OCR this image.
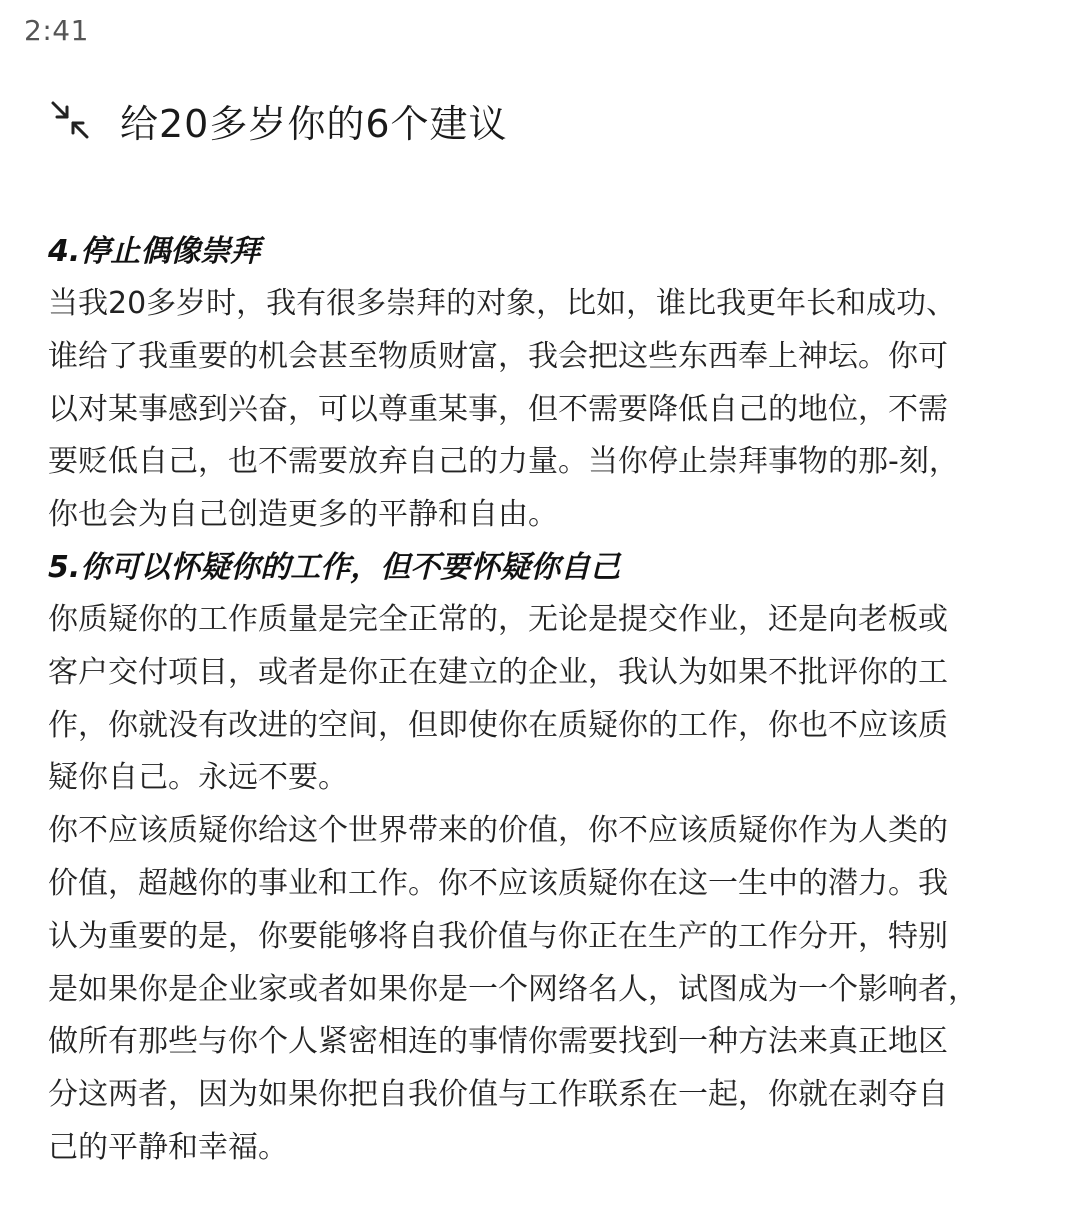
2:41
给20多岁你的6个建议
4.停止偶像崇拜

当我20多岁时，我有很多崇拜的对象，比如，谁比我更年长和成功、
谁给了我重要的机会甚至物质财富，我会把这些东西奉上神坛。你可
以对某事感到兴奋，可以尊重某事，但不需要降低自己的地位，不需
要贬低自己，也不需要放弃自己的力量。当你停止崇拜事物的那-刻，
你也会为自己创造更多的平静和自由。

5.你可以怀疑你的工作，但不要怀疑你自己

你质疑你的工作质量是完全正常的，无论是提交作业，还是向老板或
客户交付项目，或者是你正在建立的企业，我认为如果不批评你的工
作，你就没有改进的空间，但即使你在质疑你的工作，你也不应该质
疑你自己。永远不要。

你不应该质疑你给这个世界带来的价值，你不应该质疑你作为人类的
价值，超越你的事业和工作。你不应该质疑你在这一生中的潜力。我
认为重要的是，你要能够将自我价值与你正在生产的工作分开，特别
是如果你是企业家或者如果你是一个网络名人，试图成为一个影响者，
做所有那些与你个人紧密相连的事情你需要找到一种方法来真正地区
分这两者，因为如果你把自我价值与工作联系在一起，你就在剥夺自
己的平静和幸福。
